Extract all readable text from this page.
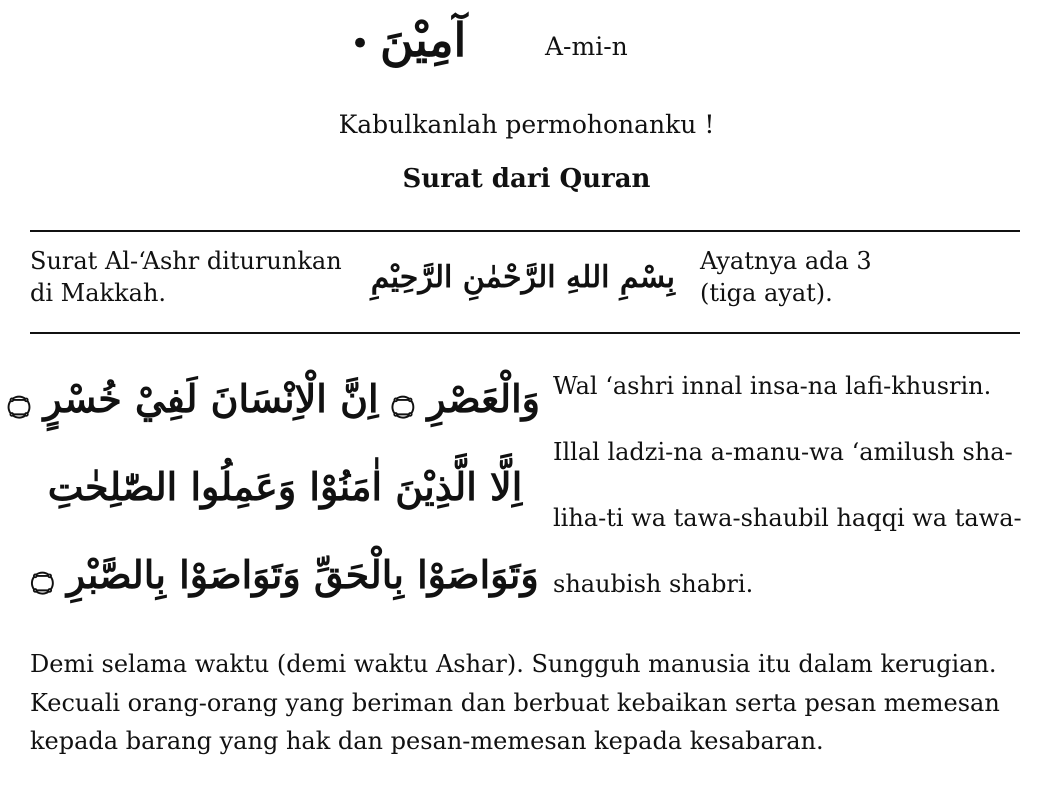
• آمِيْنَ	A-mi-n
Kabulkanlah permohonanku !
Surat dari Quran
Surat Al-‘Ashr diturunkan
di Makkah.	بِسْمِ اللهِ الرَّحْمٰنِ الرَّحِيْمِ Ayatnya ada 3
(tiga ayat).
وَالْعَصْرِ ۝ اِنَّ الْاِنْسَانَ لَفِيْ خُسْرٍ ۝
اِلَّا الَّذِيْنَ اٰمَنُوْا وَعَمِلُوا الصّٰلِحٰتِ
وَتَوَاصَوْا بِالْحَقِّ وَتَوَاصَوْا بِالصَّبْرِ ۝
Wal ‘ashri innal insa-na lafi-khusrin.
Illal ladzi-na a-manu-wa ‘amilush sha-
liha-ti wa tawa-shaubil haqqi wa tawa-
shaubish shabri.
Demi selama waktu (demi waktu Ashar). Sungguh manusia itu dalam kerugian.
Kecuali orang-orang yang beriman dan berbuat kebaikan serta pesan memesan
kepada barang yang hak dan pesan-memesan kepada kesabaran.
